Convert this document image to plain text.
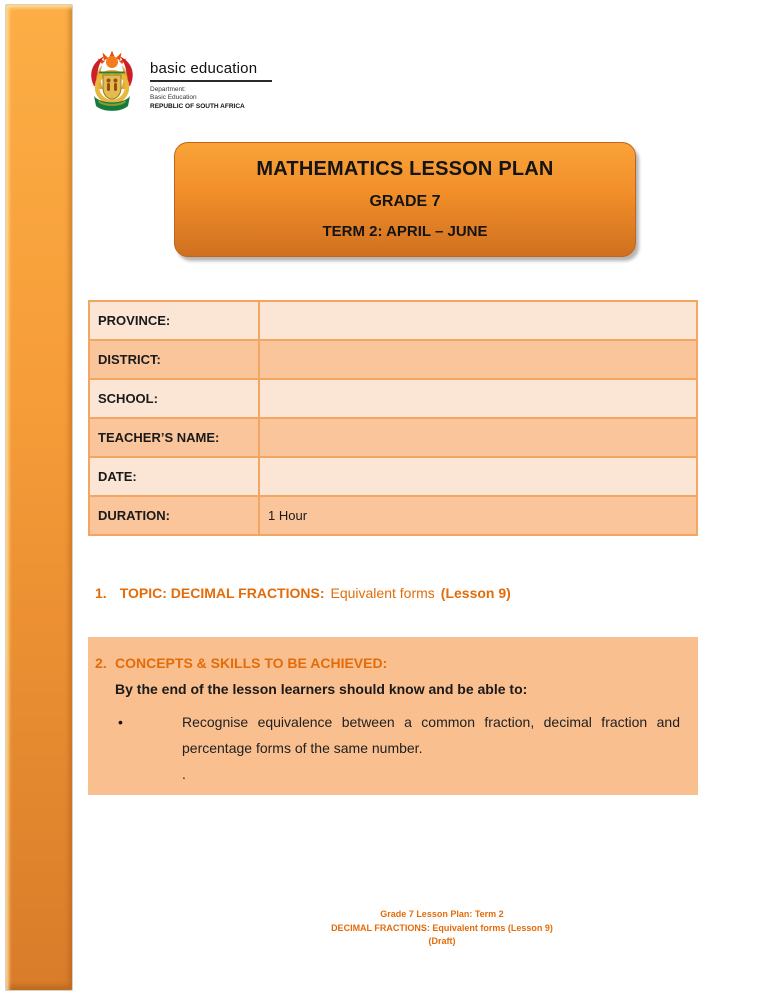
basic education
Department:
Basic Education
REPUBLIC OF SOUTH AFRICA
MATHEMATICS LESSON PLAN
GRADE 7
TERM 2: APRIL – JUNE
PROVINCE:	
DISTRICT:	
SCHOOL:	
TEACHER’S NAME:	
DATE:	
DURATION:	1 Hour
1. TOPIC: DECIMAL FRACTIONS: Equivalent forms (Lesson 9)
2. CONCEPTS & SKILLS TO BE ACHIEVED:
By the end of the lesson learners should know and be able to:
•	Recognise equivalence between a common fraction, decimal fraction and percentage forms of the same number.
.
Grade 7 Lesson Plan: Term 2
DECIMAL FRACTIONS: Equivalent forms (Lesson 9)
(Draft)
